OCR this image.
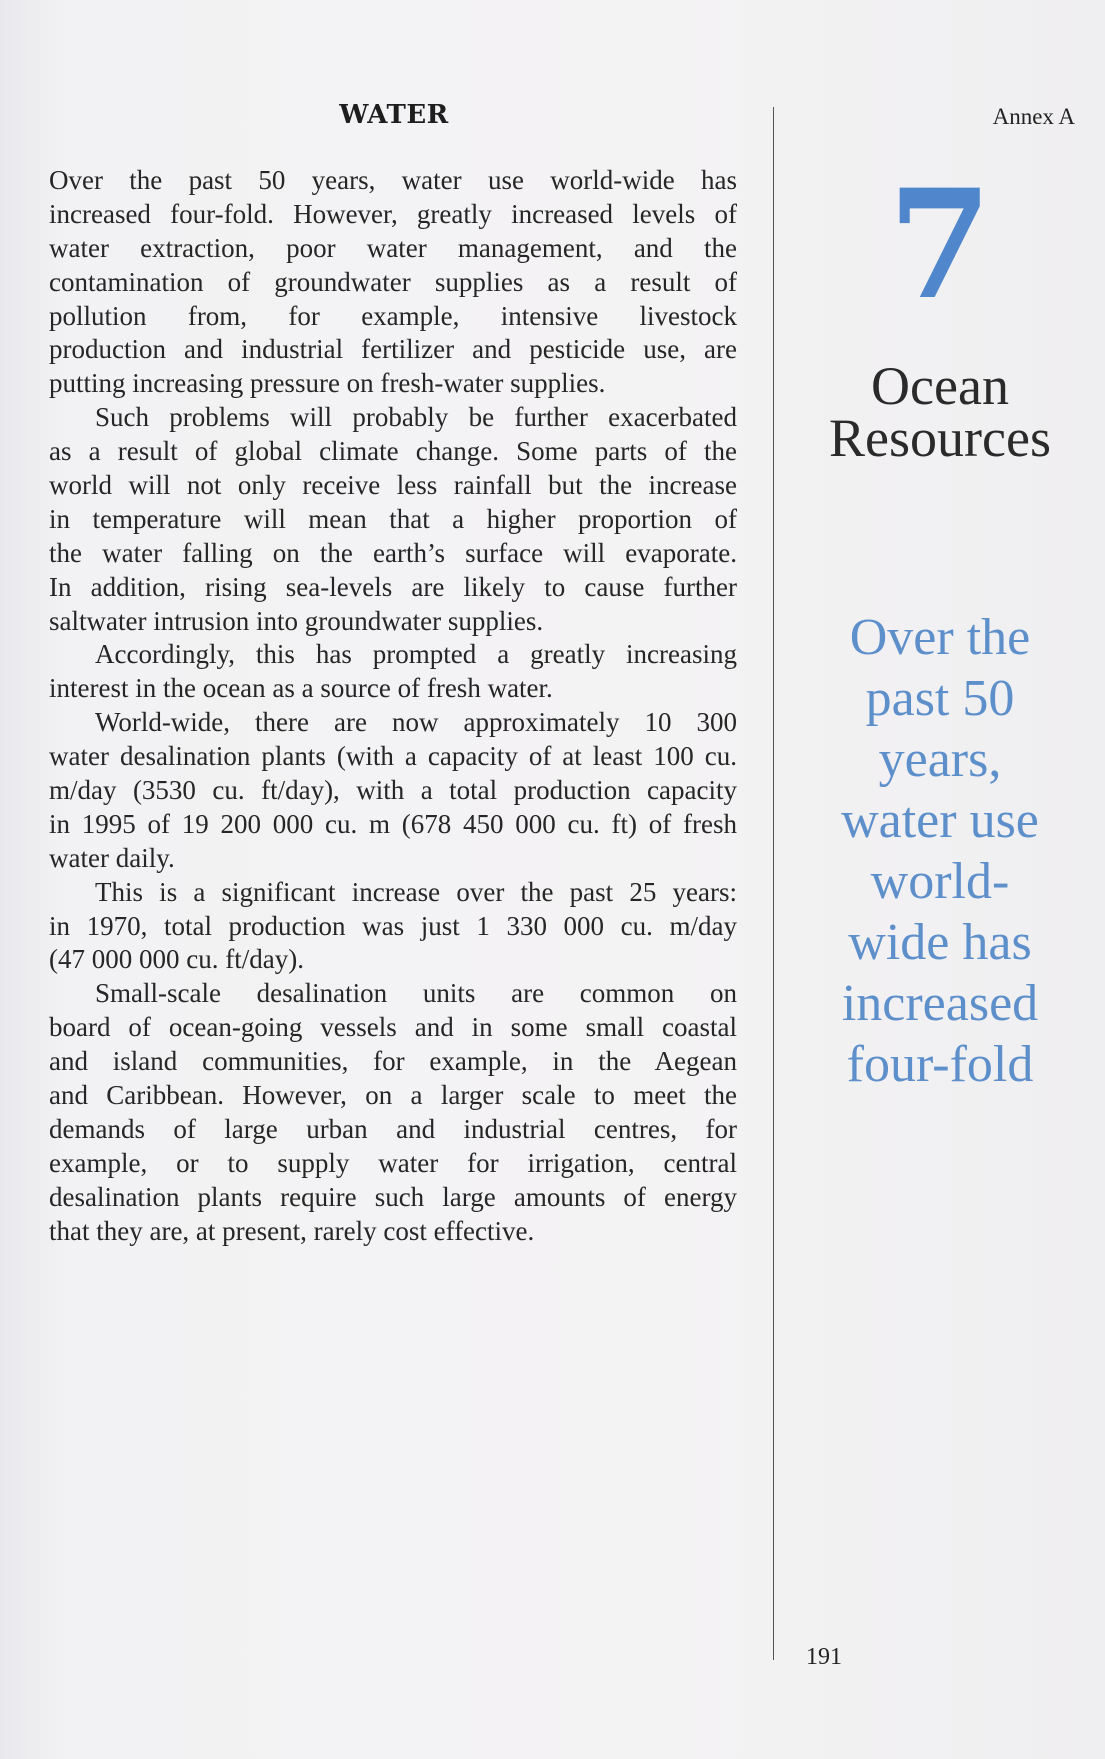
WATER
Over the past 50 years, water use world-wide has
increased four-fold. However, greatly increased levels of
water extraction, poor water management, and the
contamination of groundwater supplies as a result of
pollution from, for example, intensive livestock
production and industrial fertilizer and pesticide use, are
putting increasing pressure on fresh-water supplies.
Such problems will probably be further exacerbated
as a result of global climate change. Some parts of the
world will not only receive less rainfall but the increase
in temperature will mean that a higher proportion of
the water falling on the earth’s surface will evaporate.
In addition, rising sea-levels are likely to cause further
saltwater intrusion into groundwater supplies.
Accordingly, this has prompted a greatly increasing
interest in the ocean as a source of fresh water.
World-wide, there are now approximately 10 300
water desalination plants (with a capacity of at least 100 cu.
m/day (3530 cu. ft/day), with a total production capacity
in 1995 of 19 200 000 cu. m (678 450 000 cu. ft) of fresh
water daily.
This is a significant increase over the past 25 years:
in 1970, total production was just 1 330 000 cu. m/day
(47 000 000 cu. ft/day).
Small-scale desalination units are common on
board of ocean-going vessels and in some small coastal
and island communities, for example, in the Aegean
and Caribbean. However, on a larger scale to meet the
demands of large urban and industrial centres, for
example, or to supply water for irrigation, central
desalination plants require such large amounts of energy
that they are, at present, rarely cost effective.
Annex A
7
Ocean
Resources
Over the
past 50
years,
water use
world-
wide has
increased
four-fold
191
